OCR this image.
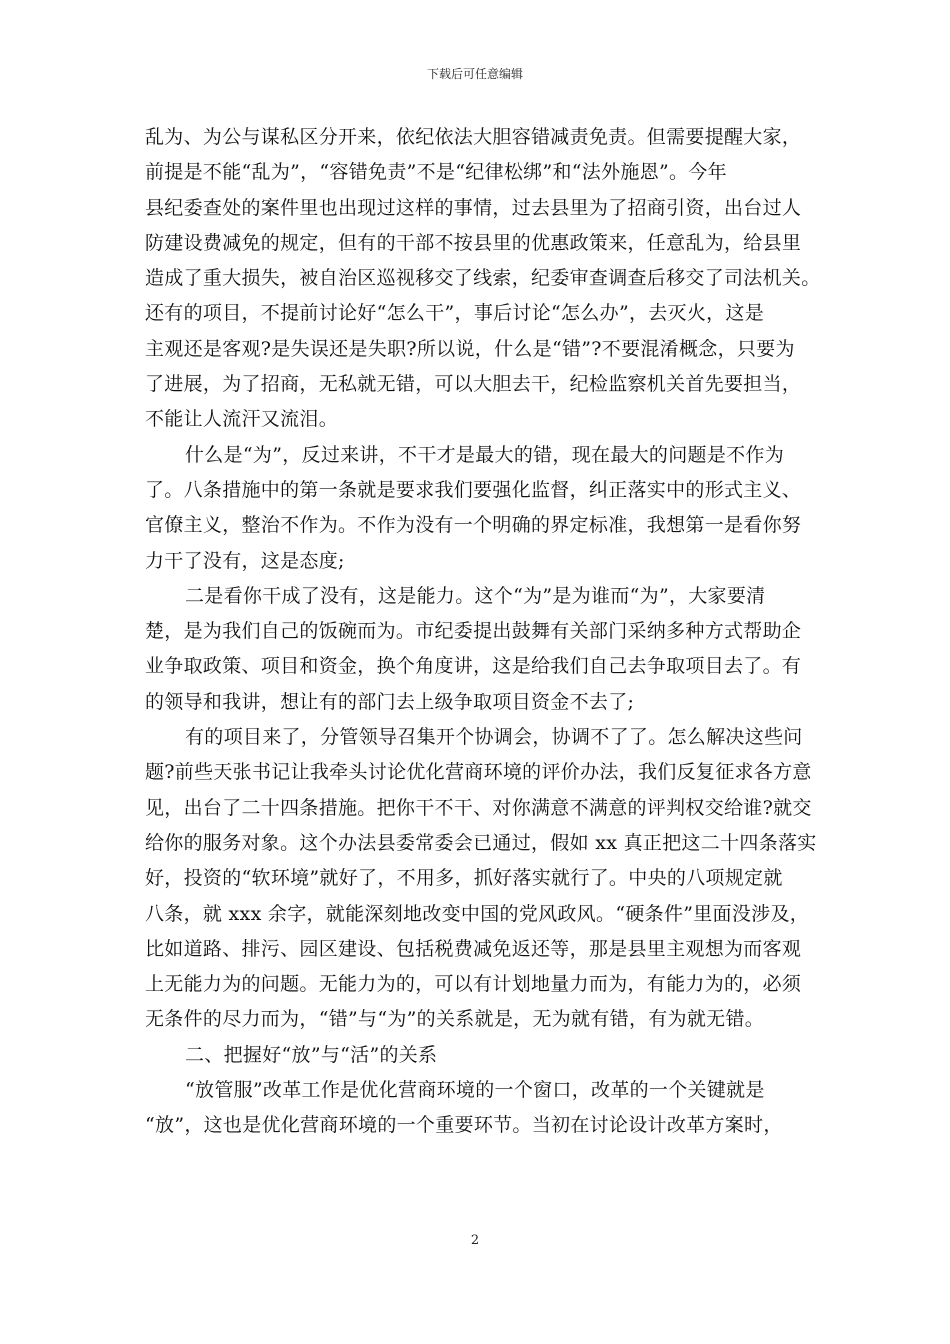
下载后可任意编辑
乱为、为公与谋私区分开来，依纪依法大胆容错减责免责。但需要提醒大家，
前提是不能“乱为”，“容错免责”不是“纪律松绑”和“法外施恩”。今年
县纪委查处的案件里也出现过这样的事情，过去县里为了招商引资，出台过人
防建设费减免的规定，但有的干部不按县里的优惠政策来，任意乱为，给县里
造成了重大损失，被自治区巡视移交了线索，纪委审查调查后移交了司法机关。
还有的项目，不提前讨论好“怎么干”，事后讨论“怎么办”，去灭火，这是
主观还是客观?是失误还是失职?所以说，什么是“错”?不要混淆概念，只要为
了进展，为了招商，无私就无错，可以大胆去干，纪检监察机关首先要担当，
不能让人流汗又流泪。
什么是“为”，反过来讲，不干才是最大的错，现在最大的问题是不作为
了。八条措施中的第一条就是要求我们要强化监督，纠正落实中的形式主义、
官僚主义，整治不作为。不作为没有一个明确的界定标准，我想第一是看你努
力干了没有，这是态度;
二是看你干成了没有，这是能力。这个“为”是为谁而“为”，大家要清
楚，是为我们自己的饭碗而为。市纪委提出鼓舞有关部门采纳多种方式帮助企
业争取政策、项目和资金，换个角度讲，这是给我们自己去争取项目去了。有
的领导和我讲，想让有的部门去上级争取项目资金不去了;
有的项目来了，分管领导召集开个协调会，协调不了了。怎么解决这些问
题?前些天张书记让我牵头讨论优化营商环境的评价办法，我们反复征求各方意
见，出台了二十四条措施。把你干不干、对你满意不满意的评判权交给谁?就交
给你的服务对象。这个办法县委常委会已通过，假如 xx 真正把这二十四条落实
好，投资的“软环境”就好了，不用多，抓好落实就行了。中央的八项规定就
八条，就 xxx 余字，就能深刻地改变中国的党风政风。“硬条件”里面没涉及，
比如道路、排污、园区建设、包括税费减免返还等，那是县里主观想为而客观
上无能力为的问题。无能力为的，可以有计划地量力而为，有能力为的，必须
无条件的尽力而为，“错”与“为”的关系就是，无为就有错，有为就无错。
二、把握好“放”与“活”的关系
“放管服”改革工作是优化营商环境的一个窗口，改革的一个关键就是
“放”，这也是优化营商环境的一个重要环节。当初在讨论设计改革方案时，
2
